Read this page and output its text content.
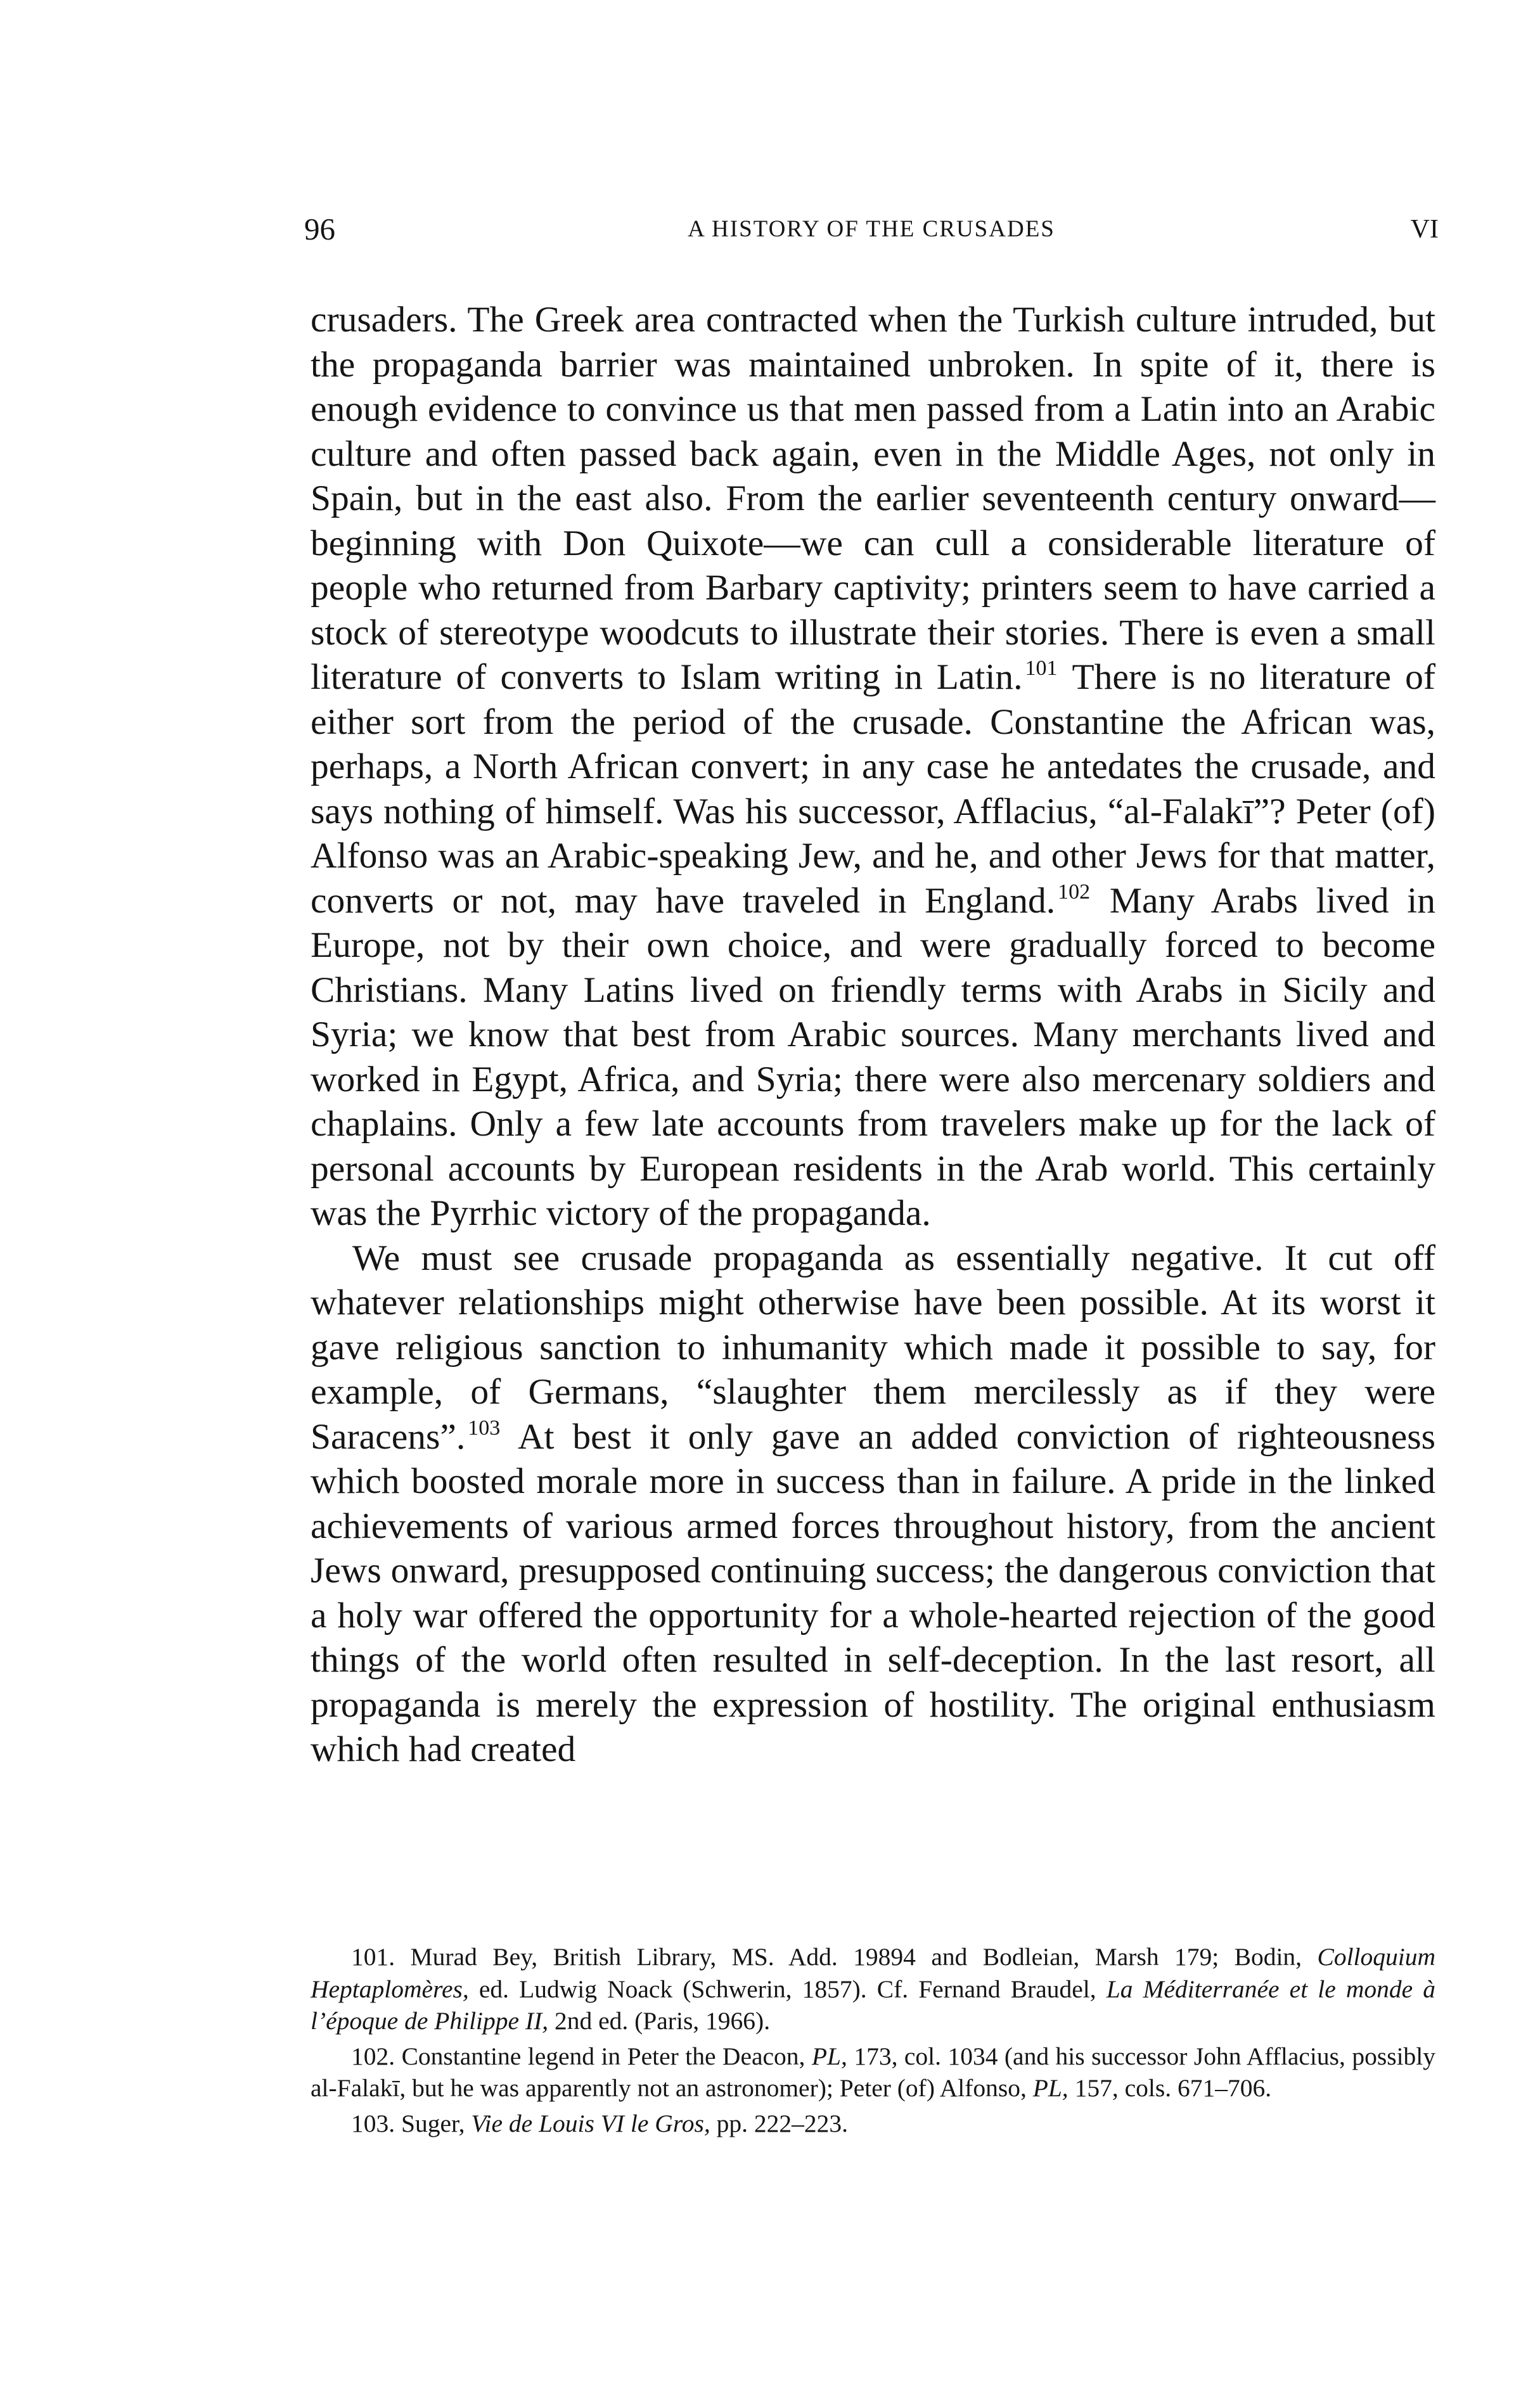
96	A HISTORY OF THE CRUSADES	VI

crusaders. The Greek area contracted when the Turkish culture intruded, but the propaganda barrier was maintained unbroken. In spite of it, there is enough evidence to convince us that men passed from a Latin into an Arabic culture and often passed back again, even in the Middle Ages, not only in Spain, but in the east also. From the earlier seventeenth century onward—beginning with Don Quixote—we can cull a considerable literature of people who returned from Barbary captivity; printers seem to have carried a stock of stereotype woodcuts to illustrate their stories. There is even a small literature of converts to Islam writing in Latin. $^{101}$ There is no literature of either sort from the period of the crusade. Constantine the African was, perhaps, a North African convert; in any case he antedates the crusade, and says nothing of himself. Was his successor, Afflacius, “al-Falakī”? Peter (of) Alfonso was an Arabic-speaking Jew, and he, and other Jews for that matter, converts or not, may have traveled in England. $^{102}$ Many Arabs lived in Europe, not by their own choice, and were gradually forced to become Christians. Many Latins lived on friendly terms with Arabs in Sicily and Syria; we know that best from Arabic sources. Many merchants lived and worked in Egypt, Africa, and Syria; there were also mercenary soldiers and chaplains. Only a few late accounts from travelers make up for the lack of personal accounts by European residents in the Arab world. This certainly was the Pyrrhic victory of the propaganda.

We must see crusade propaganda as essentially negative. It cut off whatever relationships might otherwise have been possible. At its worst it gave religious sanction to inhumanity which made it possible to say, for example, of Germans, “slaughter them mercilessly as if they were Saracens”. $^{103}$ At best it only gave an added conviction of righteousness which boosted morale more in success than in failure. A pride in the linked achievements of various armed forces throughout history, from the ancient Jews onward, presupposed continuing success; the dangerous conviction that a holy war offered the opportunity for a whole-hearted rejection of the good things of the world often resulted in self-deception. In the last resort, all propaganda is merely the expression of hostility. The original enthusiasm which had created

101. Murad Bey, British Library, MS. Add. 19894 and Bodleian, Marsh 179; Bodin, Colloquium Heptaplomères, ed. Ludwig Noack (Schwerin, 1857). Cf. Fernand Braudel, La Méditerranée et le monde à l’époque de Philippe II, 2nd ed. (Paris, 1966).

102. Constantine legend in Peter the Deacon, PL, 173, col. 1034 (and his successor John Afflacius, possibly al-Falakī, but he was apparently not an astronomer); Peter (of) Alfonso, PL, 157, cols. 671–706.

103. Suger, Vie de Louis VI le Gros, pp. 222–223.
